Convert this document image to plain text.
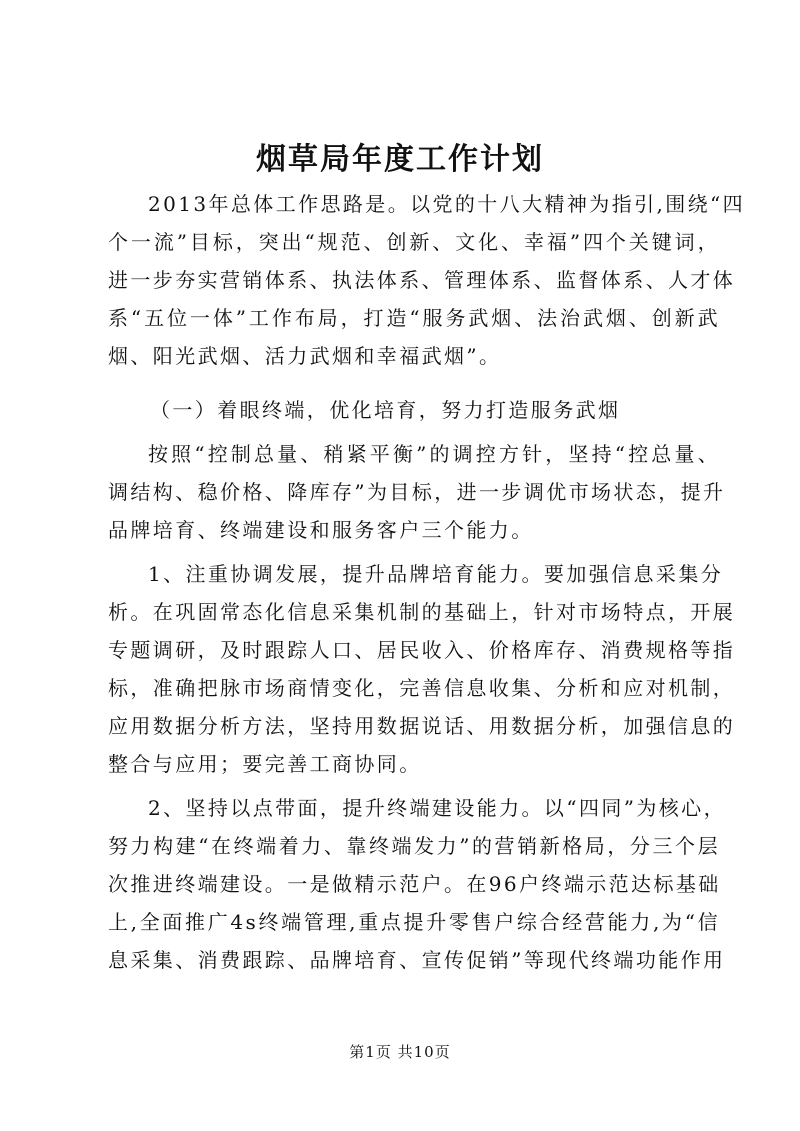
烟草局年度工作计划
2013年总体工作思路是。以党的十八大精神为指引,围绕“四
个一流”目标，突出“规范、创新、文化、幸福”四个关键词，
进一步夯实营销体系、执法体系、管理体系、监督体系、人才体
系“五位一体”工作布局，打造“服务武烟、法治武烟、创新武
烟、阳光武烟、活力武烟和幸福武烟”。
（一）着眼终端，优化培育，努力打造服务武烟
按照“控制总量、稍紧平衡”的调控方针，坚持“控总量、
调结构、稳价格、降库存”为目标，进一步调优市场状态，提升
品牌培育、终端建设和服务客户三个能力。
1、注重协调发展，提升品牌培育能力。要加强信息采集分
析。在巩固常态化信息采集机制的基础上，针对市场特点，开展
专题调研，及时跟踪人口、居民收入、价格库存、消费规格等指
标，准确把脉市场商情变化，完善信息收集、分析和应对机制，
应用数据分析方法，坚持用数据说话、用数据分析，加强信息的
整合与应用；要完善工商协同。
2、坚持以点带面，提升终端建设能力。以“四同”为核心，
努力构建“在终端着力、靠终端发力”的营销新格局，分三个层
次推进终端建设。一是做精示范户。在96户终端示范达标基础
上,全面推广4s终端管理,重点提升零售户综合经营能力,为“信
息采集、消费跟踪、品牌培育、宣传促销”等现代终端功能作用
第1页 共10页
